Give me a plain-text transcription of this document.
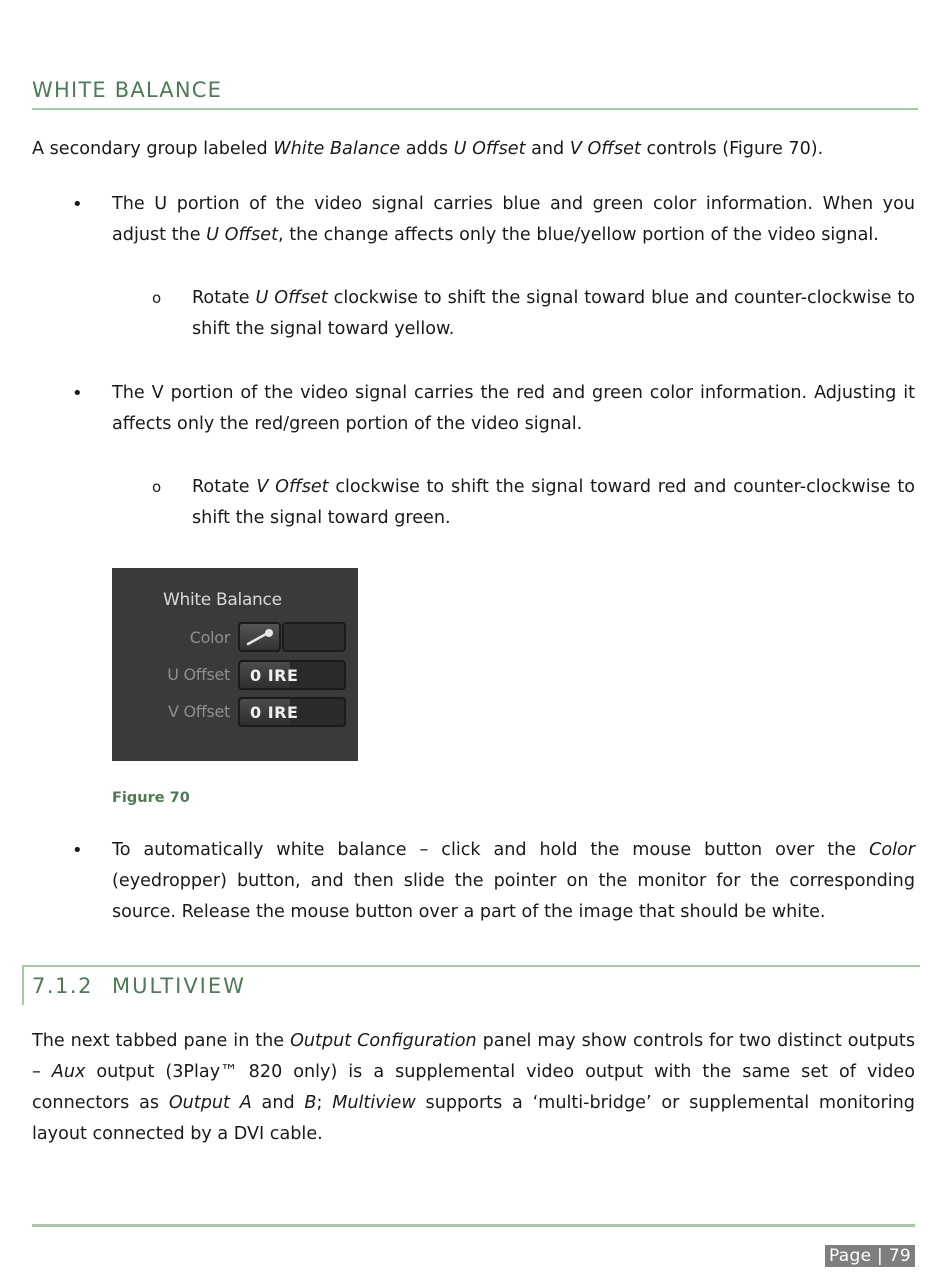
WHITE BALANCE
A secondary group labeled White Balance adds U Offset and V Offset controls (Figure 70).
• The U portion of the video signal carries blue and green color information. When you adjust the U Offset, the change affects only the blue/yellow portion of the video signal.
o Rotate U Offset clockwise to shift the signal toward blue and counter-clockwise to shift the signal toward yellow.
• The V portion of the video signal carries the red and green color information. Adjusting it affects only the red/green portion of the video signal.
o Rotate V Offset clockwise to shift the signal toward red and counter-clockwise to shift the signal toward green.
White Balance
Color
U Offset 0 IRE
V Offset 0 IRE
Figure 70
• To automatically white balance – click and hold the mouse button over the Color (eyedropper) button, and then slide the pointer on the monitor for the corresponding source. Release the mouse button over a part of the image that should be white.
7.1.2 MULTIVIEW
The next tabbed pane in the Output Configuration panel may show controls for two distinct outputs – Aux output (3Play™ 820 only) is a supplemental video output with the same set of video connectors as Output A and B; Multiview supports a ‘multi-bridge’ or supplemental monitoring layout connected by a DVI cable.
Page | 79
